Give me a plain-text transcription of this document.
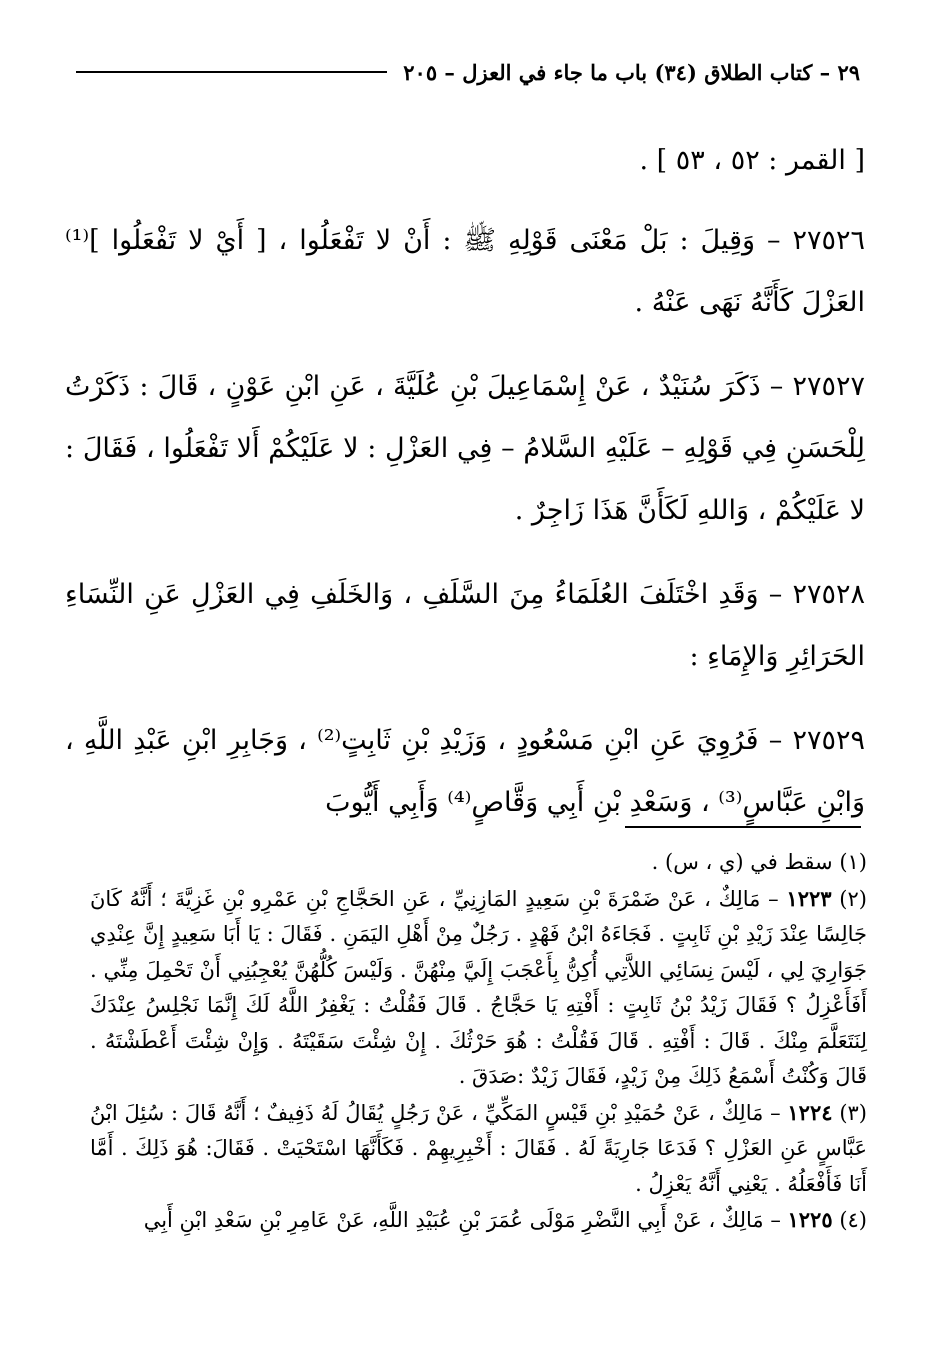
٢٩ – كتاب الطلاق (٣٤) باب ما جاء في العزل – ٢٠٥

[ القمر : ٥٢ ، ٥٣ ] .

٢٧٥٢٦ – وَقِيلَ : بَلْ مَعْنَى قَوْلِهِ ﷺ : أَنْ لا تَفْعَلُوا ، [ أَيْ لا تَفْعَلُوا ]⁽¹⁾ العَزْلَ كَأَنَّهُ نَهَى عَنْهُ .

٢٧٥٢٧ – ذَكَرَ سُنَيْدٌ ، عَنْ إِسْمَاعِيلَ بْنِ عُلَيَّةَ ، عَنِ ابْنِ عَوْنٍ ، قَالَ : ذَكَرْتُ لِلْحَسَنِ فِي قَوْلِهِ – عَلَيْهِ السَّلامُ – فِي العَزْلِ : لا عَلَيْكُمْ أَلا تَفْعَلُوا ، فَقَالَ : لا عَلَيْكُمْ ، وَاللهِ لَكَأَنَّ هَذَا زَاجِرٌ .

٢٧٥٢٨ – وَقَدِ اخْتَلَفَ العُلَمَاءُ مِنَ السَّلَفِ ، وَالخَلَفِ فِي العَزْلِ عَنِ النِّسَاءِ الحَرَائِرِ وَالإِمَاءِ :

٢٧٥٢٩ – فَرُوِيَ عَنِ ابْنِ مَسْعُودٍ ، وَزَيْدِ بْنِ ثَابِتٍ⁽²⁾ ، وَجَابِرِ ابْنِ عَبْدِ اللَّهِ ، وَابْنِ عَبَّاسٍ⁽³⁾ ، وَسَعْدِ بْنِ أَبِي وَقَّاصٍ⁽⁴⁾ وَأَبِي أَيُّوبَ

(١) سقط في (ي ، س) .

(٢) ١٢٢٣ – مَالِكٌ ، عَنْ ضَمْرَةَ بْنِ سَعِيدٍ المَازِنِيِّ ، عَنِ الحَجَّاجِ بْنِ عَمْرِو بْنِ غَزِيَّةَ ؛ أَنَّهُ كَانَ جَالِسًا عِنْدَ زَيْدِ بْنِ ثَابِتٍ . فَجَاءَهُ ابْنُ فَهْدٍ . رَجُلٌ مِنْ أَهْلِ اليَمَنِ . فَقَالَ : يَا أَبَا سَعِيدٍ إِنَّ عِنْدِي جَوَارِيَ لِي ، لَيْسَ نِسَائِي اللاَّتِي أُكِنُّ بِأَعْجَبَ إِلَيَّ مِنْهُنَّ . وَلَيْسَ كُلُّهُنَّ يُعْجِبُنِي أَنْ تَحْمِلَ مِنِّي . أَفَأَعْزِلُ ؟ فَقَالَ زَيْدُ بْنُ ثَابِتٍ : أَفْتِهِ يَا حَجَّاجُ . قَالَ فَقُلْتُ : يَغْفِرُ اللَّهُ لَكَ إِنَّمَا نَجْلِسُ عِنْدَكَ لِنَتَعَلَّمَ مِنْكَ . قَالَ : أَفْتِهِ . قَالَ فَقُلْتُ : هُوَ حَرْثُكَ . إِنْ شِئْتَ سَقَيْتَهُ . وَإِنْ شِئْتَ أَعْطَشْتَهُ . قَالَ وَكُنْتُ أَسْمَعُ ذَلِكَ مِنْ زَيْدٍ، فَقَالَ زَيْدٌ :صَدَقَ .

(٣) ١٢٢٤ – مَالِكٌ ، عَنْ حُمَيْدِ بْنِ قَيْسٍ المَكِّيِّ ، عَنْ رَجُلٍ يُقَالُ لَهُ ذَفِيفٌ ؛ أَنَّهُ قَالَ : سُئِلَ ابْنُ عَبَّاسٍ عَنِ العَزْلِ ؟ فَدَعَا جَارِيَةً لَهُ . فَقَالَ : أَخْبِرِيهِمْ . فَكَأَنَّهَا اسْتَحْيَتْ . فَقَالَ: هُوَ ذَلِكَ . أَمَّا أَنَا فَأَفْعَلُهُ . يَعْنِي أَنَّهُ يَعْزِلُ .

(٤) ١٢٢٥ – مَالِكٌ ، عَنْ أَبِي النَّضْرِ مَوْلَى عُمَرَ بْنِ عُبَيْدِ اللَّهِ، عَنْ عَامِرِ بْنِ سَعْدِ ابْنِ أَبِي
